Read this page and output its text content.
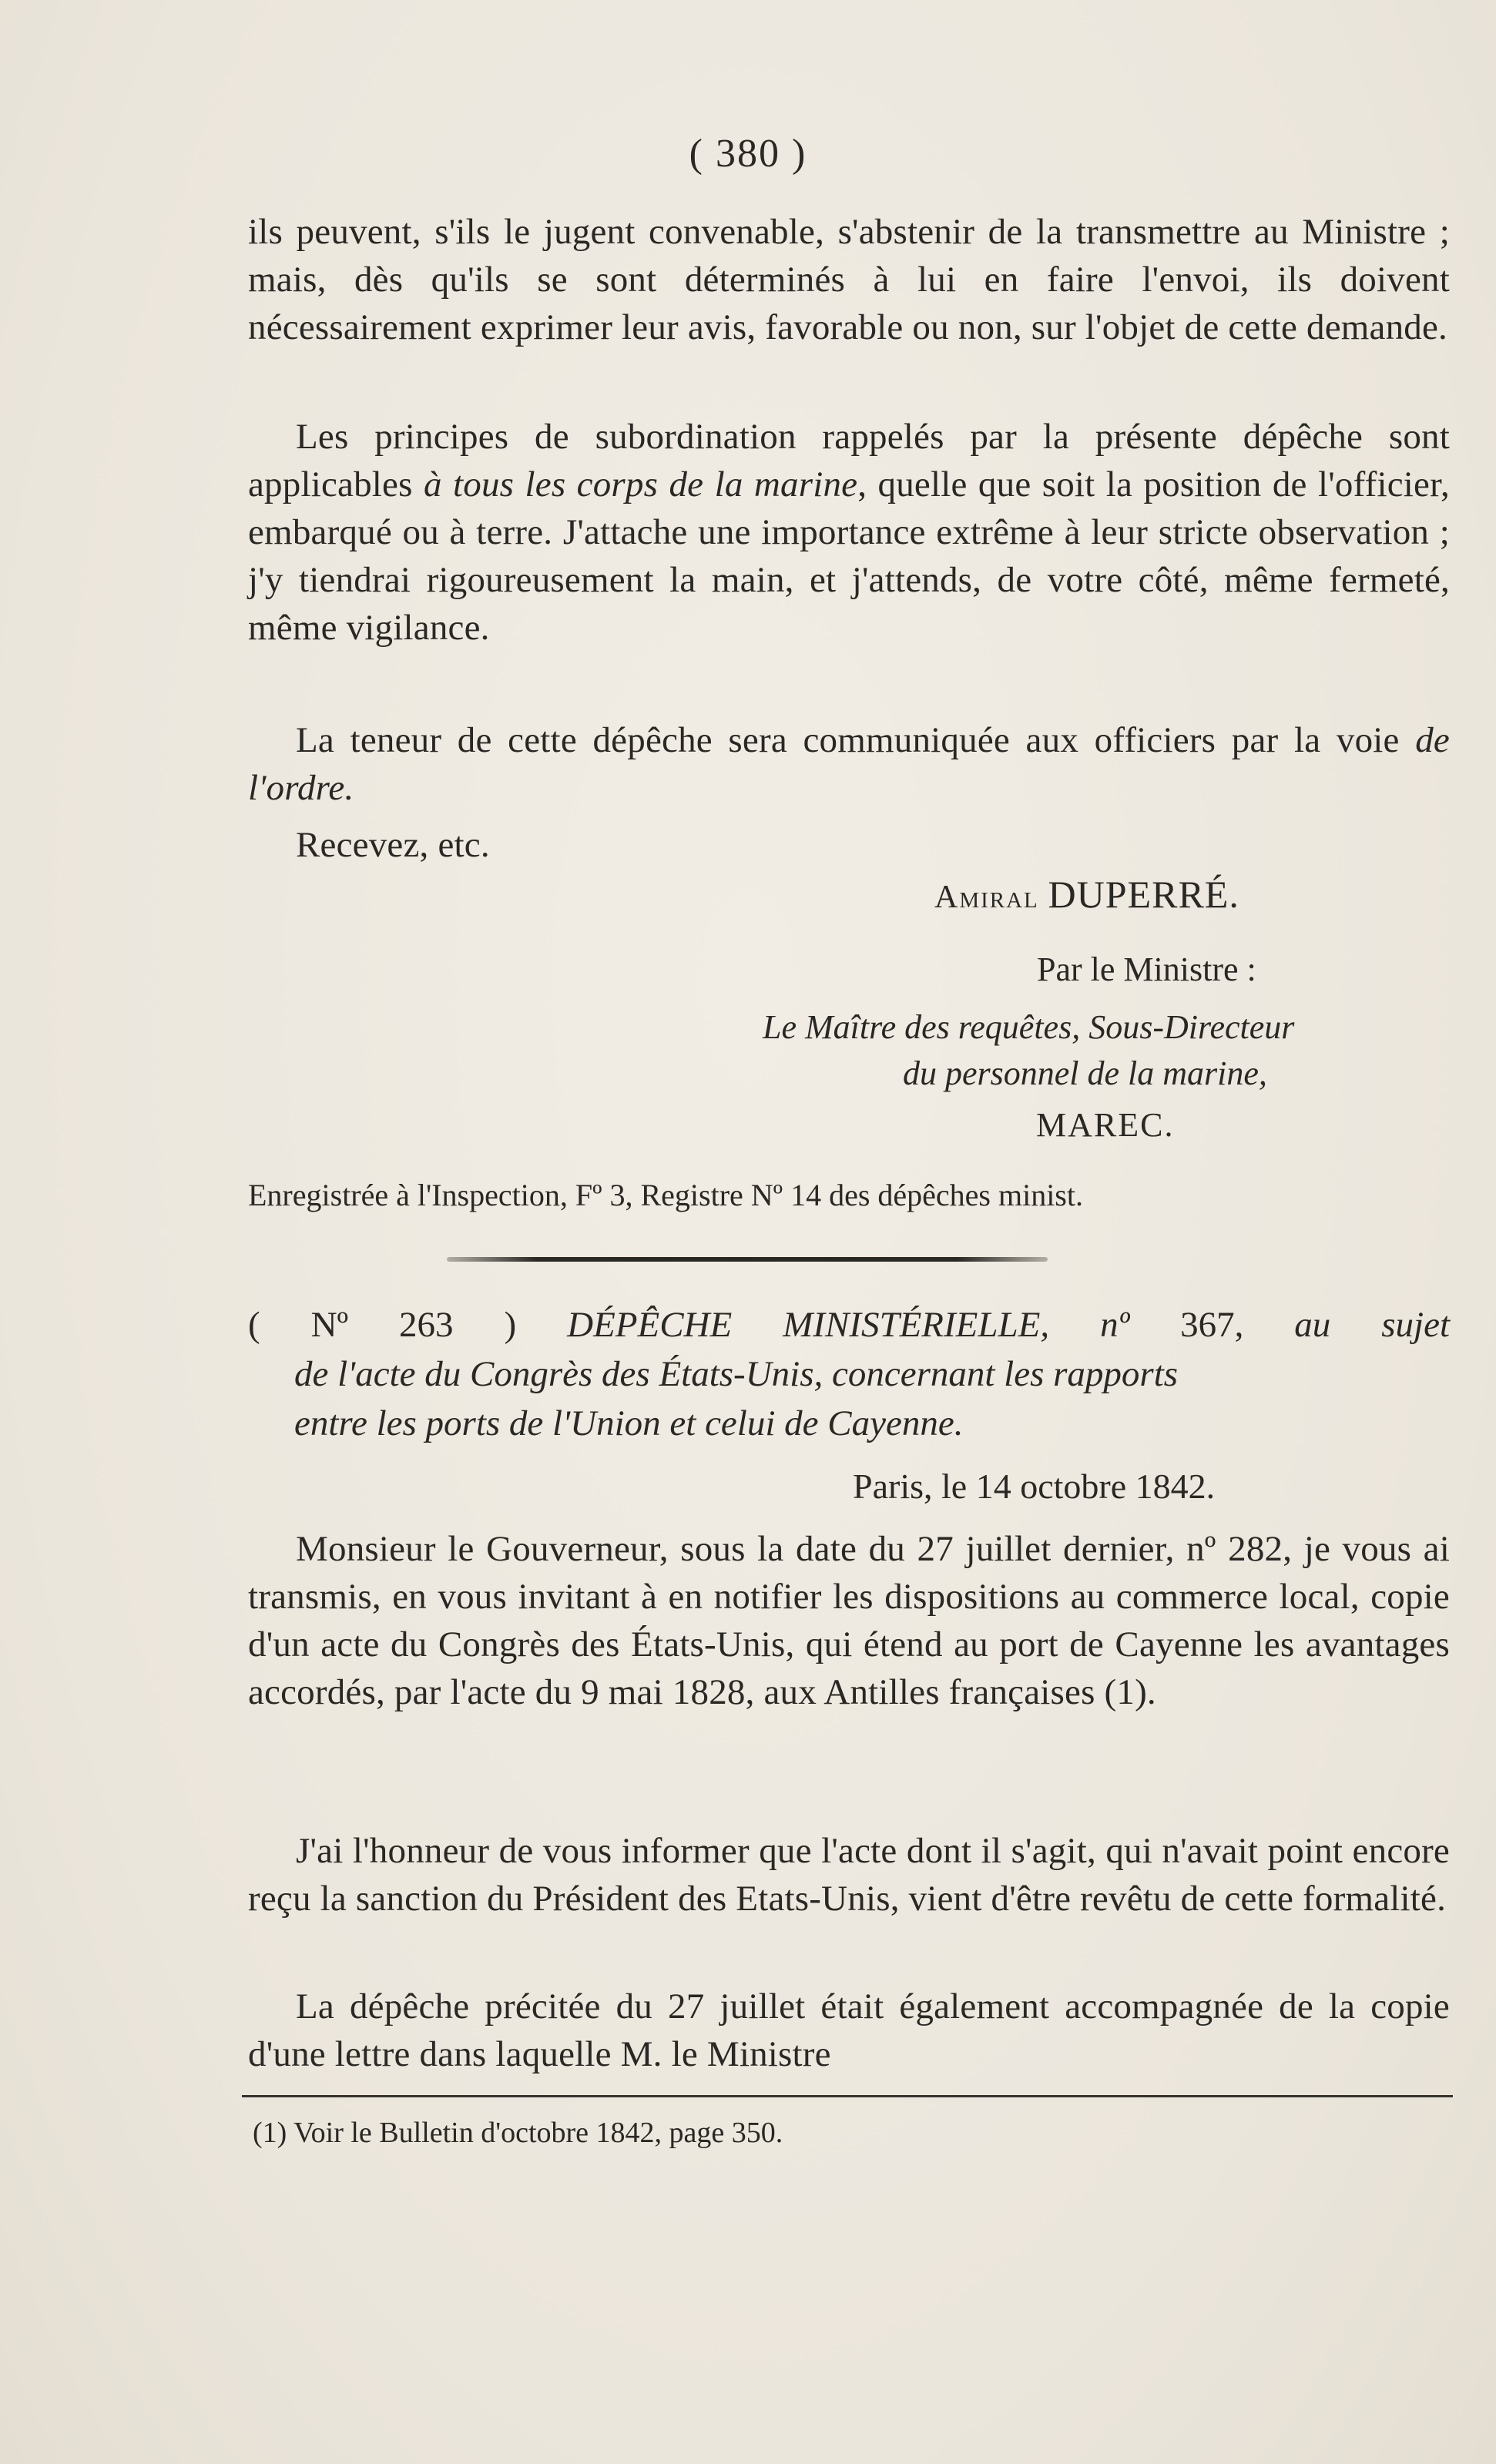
( 380 )

ils peuvent, s'ils le jugent convenable, s'abstenir de la transmettre au Ministre ; mais, dès qu'ils se sont déterminés à lui en faire l'envoi, ils doivent nécessairement exprimer leur avis, favorable ou non, sur l'objet de cette demande.

Les principes de subordination rappelés par la présente dépêche sont applicables à tous les corps de la marine, quelle que soit la position de l'officier, embarqué ou à terre. J'attache une importance extrême à leur stricte observation ; j'y tiendrai rigoureusement la main, et j'attends, de votre côté, même fermeté, même vigilance.

La teneur de cette dépêche sera communiquée aux officiers par la voie de l'ordre.

Recevez, etc.

Amiral DUPERRÉ.
Par le Ministre :
Le Maître des requêtes, Sous-Directeur
du personnel de la marine,
MAREC.
Enregistrée à l'Inspection, Fº 3, Registre Nº 14 des dépêches minist.
( Nº 263 ) DÉPÊCHE MINISTÉRIELLE, nº 367, au sujet
de l'acte du Congrès des États-Unis, concernant les rapports
entre les ports de l'Union et celui de Cayenne.
Paris, le 14 octobre 1842.

Monsieur le Gouverneur, sous la date du 27 juillet dernier, nº 282, je vous ai transmis, en vous invitant à en notifier les dispositions au commerce local, copie d'un acte du Congrès des États-Unis, qui étend au port de Cayenne les avantages accordés, par l'acte du 9 mai 1828, aux Antilles françaises (1).

J'ai l'honneur de vous informer que l'acte dont il s'agit, qui n'avait point encore reçu la sanction du Président des Etats-Unis, vient d'être revêtu de cette formalité.

La dépêche précitée du 27 juillet était également accompagnée de la copie d'une lettre dans laquelle M. le Ministre

(1) Voir le Bulletin d'octobre 1842, page 350.
